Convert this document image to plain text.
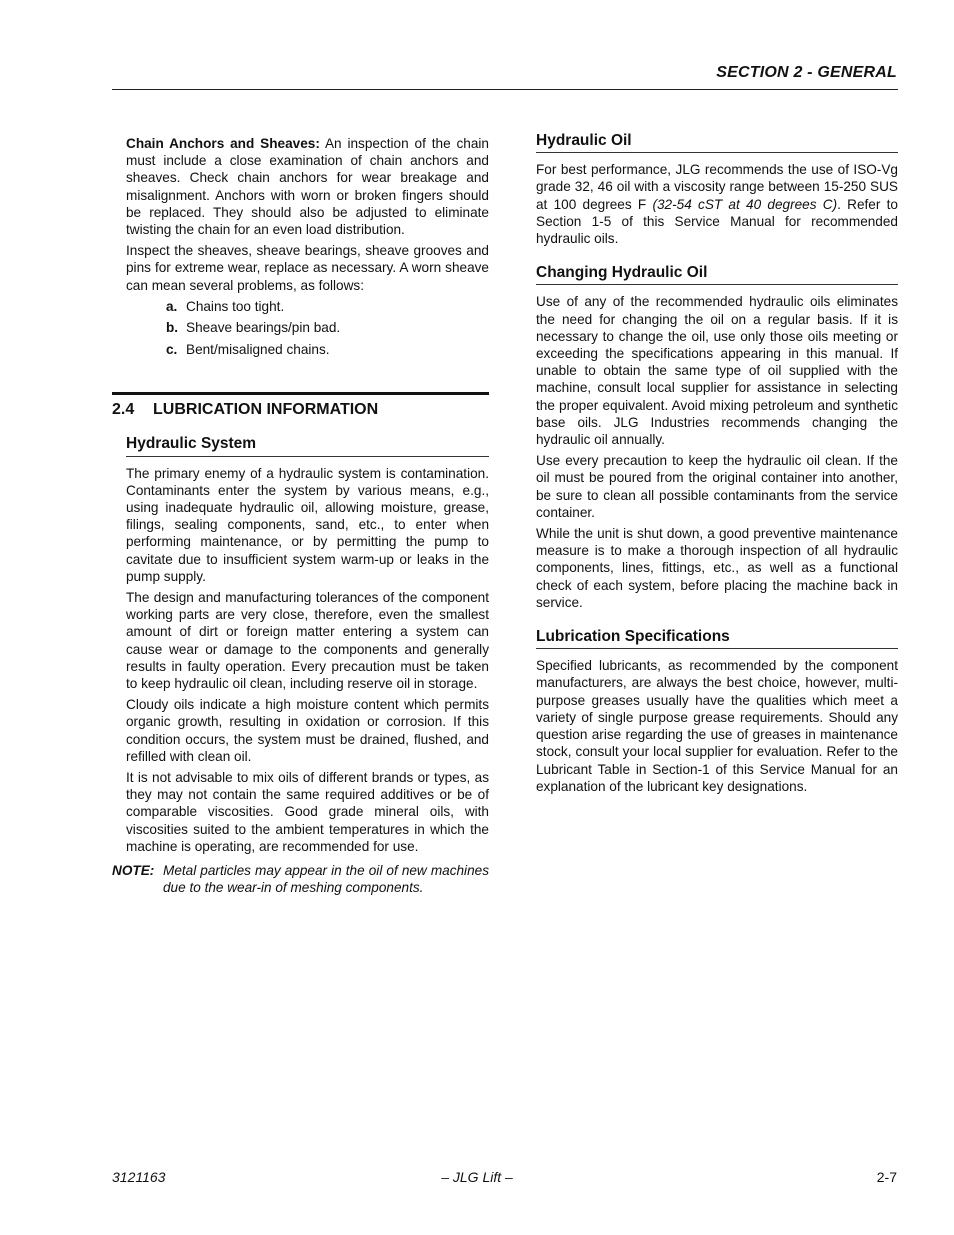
SECTION 2 - GENERAL

Chain Anchors and Sheaves: An inspection of the chain must include a close examination of chain anchors and sheaves. Check chain anchors for wear breakage and misalignment. Anchors with worn or broken fingers should be replaced. They should also be adjusted to eliminate twisting the chain for an even load distribution.

Inspect the sheaves, sheave bearings, sheave grooves and pins for extreme wear, replace as necessary. A worn sheave can mean several problems, as follows:

a. Chains too tight.
b. Sheave bearings/pin bad.
c. Bent/misaligned chains.
2.4 LUBRICATION INFORMATION
Hydraulic System

The primary enemy of a hydraulic system is contamination. Contaminants enter the system by various means, e.g., using inadequate hydraulic oil, allowing moisture, grease, filings, sealing components, sand, etc., to enter when performing maintenance, or by permitting the pump to cavitate due to insufficient system warm-up or leaks in the pump supply.

The design and manufacturing tolerances of the component working parts are very close, therefore, even the smallest amount of dirt or foreign matter entering a system can cause wear or damage to the components and generally results in faulty operation. Every precaution must be taken to keep hydraulic oil clean, including reserve oil in storage.

Cloudy oils indicate a high moisture content which permits organic growth, resulting in oxidation or corrosion. If this condition occurs, the system must be drained, flushed, and refilled with clean oil.

It is not advisable to mix oils of different brands or types, as they may not contain the same required additives or be of comparable viscosities. Good grade mineral oils, with viscosities suited to the ambient temperatures in which the machine is operating, are recommended for use.

NOTE: Metal particles may appear in the oil of new machines due to the wear-in of meshing components.
Hydraulic Oil

For best performance, JLG recommends the use of ISO-Vg grade 32, 46 oil with a viscosity range between 15-250 SUS at 100 degrees F (32-54 cST at 40 degrees C). Refer to Section 1-5 of this Service Manual for recommended hydraulic oils.

Changing Hydraulic Oil

Use of any of the recommended hydraulic oils eliminates the need for changing the oil on a regular basis. If it is necessary to change the oil, use only those oils meeting or exceeding the specifications appearing in this manual. If unable to obtain the same type of oil supplied with the machine, consult local supplier for assistance in selecting the proper equivalent. Avoid mixing petroleum and synthetic base oils. JLG Industries recommends changing the hydraulic oil annually.

Use every precaution to keep the hydraulic oil clean. If the oil must be poured from the original container into another, be sure to clean all possible contaminants from the service container.

While the unit is shut down, a good preventive maintenance measure is to make a thorough inspection of all hydraulic components, lines, fittings, etc., as well as a functional check of each system, before placing the machine back in service.

Lubrication Specifications

Specified lubricants, as recommended by the component manufacturers, are always the best choice, however, multi-purpose greases usually have the qualities which meet a variety of single purpose grease requirements. Should any question arise regarding the use of greases in maintenance stock, consult your local supplier for evaluation. Refer to the Lubricant Table in Section-1 of this Service Manual for an explanation of the lubricant key designations.

3121163	– JLG Lift –	2-7
